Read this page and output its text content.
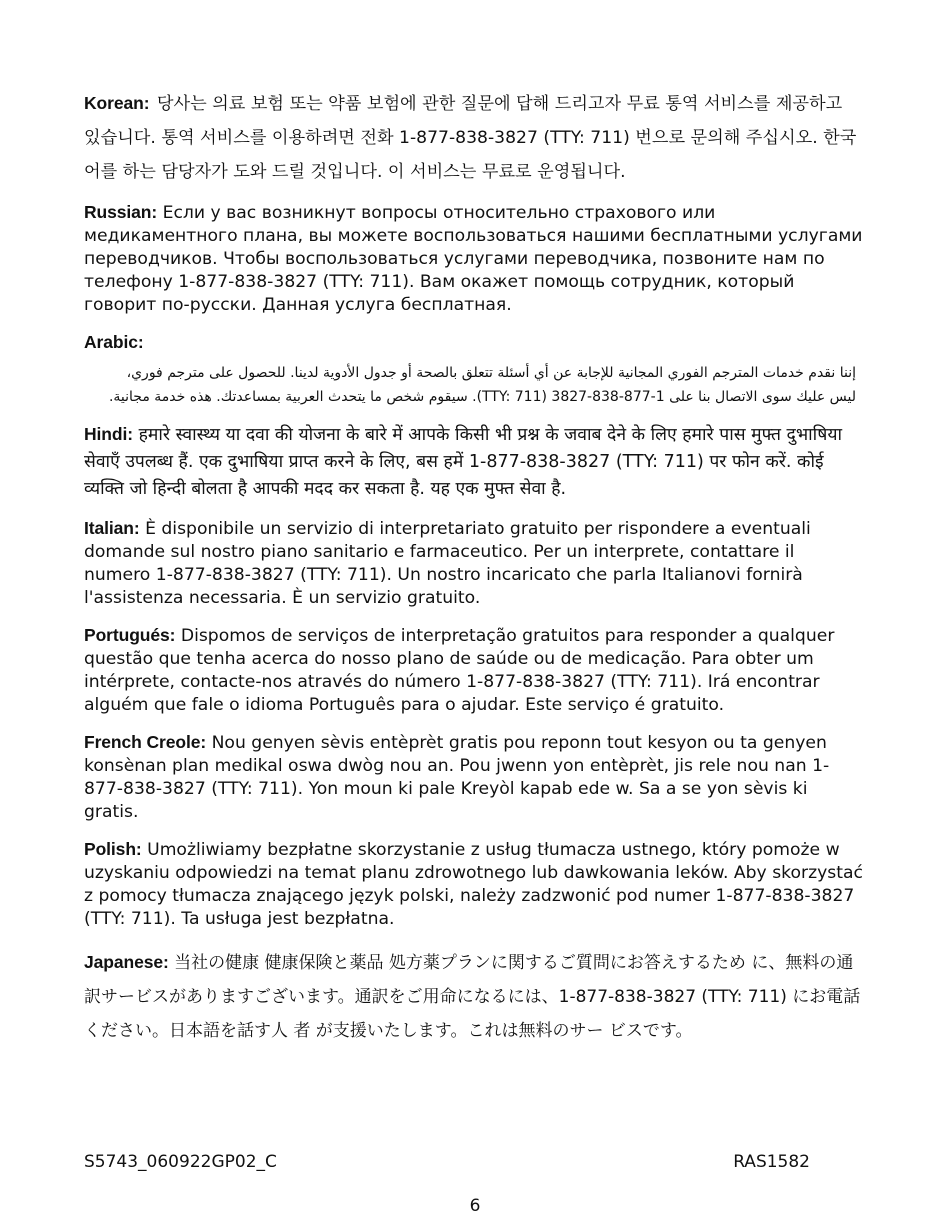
Korean: 당사는 의료 보험 또는 약품 보험에 관한 질문에 답해 드리고자 무료 통역 서비스를 제공하고 있습니다. 통역 서비스를 이용하려면 전화 1-877-838-3827 (TTY: 711) 번으로 문의해 주십시오. 한국어를 하는 담당자가 도와 드릴 것입니다. 이 서비스는 무료로 운영됩니다.

Russian: Если у вас возникнут вопросы относительно страхового или медикаментного плана, вы можете воспользоваться нашими бесплатными услугами переводчиков. Чтобы воспользоваться услугами переводчика, позвоните нам по телефону 1-877-838-3827 (TTY: 711). Вам окажет помощь сотрудник, который говорит по-русски. Данная услуга бесплатная.

Arabic:

إننا نقدم خدمات المترجم الفوري المجانية للإجابة عن أي أسئلة تتعلق بالصحة أو جدول الأدوية لدينا. للحصول على مترجم فوري، ليس عليك سوى الاتصال بنا على 1-877-838-3827 (TTY: 711). سيقوم شخص ما يتحدث العربية بمساعدتك. هذه خدمة مجانية.

Hindi: हमारे स्वास्थ्य या दवा की योजना के बारे में आपके किसी भी प्रश्न के जवाब देने के लिए हमारे पास मुफ्त दुभाषिया सेवाएँ उपलब्ध हैं. एक दुभाषिया प्राप्त करने के लिए, बस हमें 1-877-838-3827 (TTY: 711) पर फोन करें. कोई व्यक्ति जो हिन्दी बोलता है आपकी मदद कर सकता है. यह एक मुफ्त सेवा है.

Italian: È disponibile un servizio di interpretariato gratuito per rispondere a eventuali domande sul nostro piano sanitario e farmaceutico. Per un interprete, contattare il numero 1-877-838-3827 (TTY: 711). Un nostro incaricato che parla Italianovi fornirà l'assistenza necessaria. È un servizio gratuito.

Portugués: Dispomos de serviços de interpretação gratuitos para responder a qualquer questão que tenha acerca do nosso plano de saúde ou de medicação. Para obter um intérprete, contacte-nos através do número 1-877-838-3827 (TTY: 711). Irá encontrar alguém que fale o idioma Português para o ajudar. Este serviço é gratuito.

French Creole: Nou genyen sèvis entèprèt gratis pou reponn tout kesyon ou ta genyen konsènan plan medikal oswa dwòg nou an. Pou jwenn yon entèprèt, jis rele nou nan 1-877-838-3827 (TTY: 711). Yon moun ki pale Kreyòl kapab ede w. Sa a se yon sèvis ki gratis.

Polish: Umożliwiamy bezpłatne skorzystanie z usług tłumacza ustnego, który pomoże w uzyskaniu odpowiedzi na temat planu zdrowotnego lub dawkowania leków. Aby skorzystać z pomocy tłumacza znającego język polski, należy zadzwonić pod numer 1-877-838-3827 (TTY: 711). Ta usługa jest bezpłatna.

Japanese: 当社の健康 健康保険と薬品 処方薬プランに関するご質問にお答えするため に、無料の通訳サービスがありますございます。通訳をご用命になるには、1-877-838-3827 (TTY: 711) にお電話ください。日本語を話す人 者 が支援いたします。これは無料のサー ビスです。

S5743_060922GP02_C	RAS1582
6
